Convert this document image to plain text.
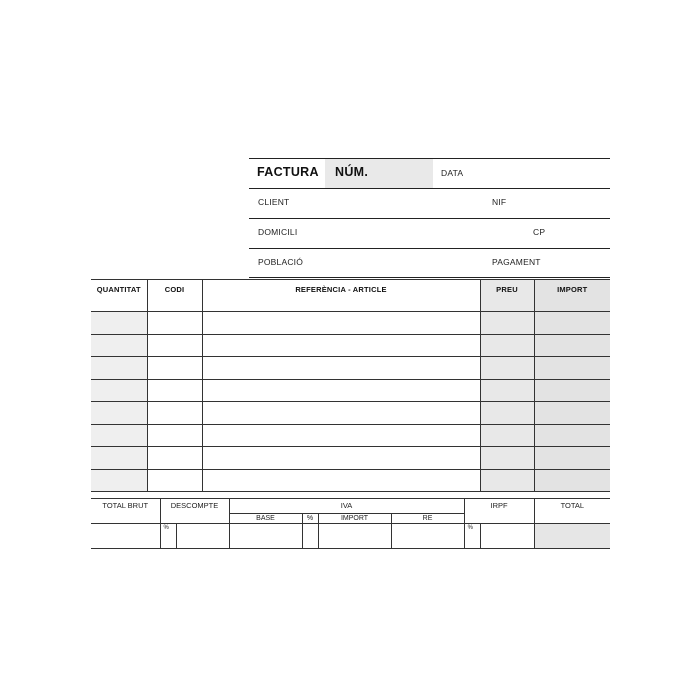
FACTURA NÚM.	DATA
CLIENT	NIF
DOMICILI	CP
POBLACIÓ	PAGAMENT
QUANTITAT	CODI	REFERÈNCIA - ARTICLE	PREU	IMPORT

TOTAL BRUT	DESCOMPTE		IVA				IRPF		TOTAL
			BASE	%	IMPORT	RE			
	%						%		
